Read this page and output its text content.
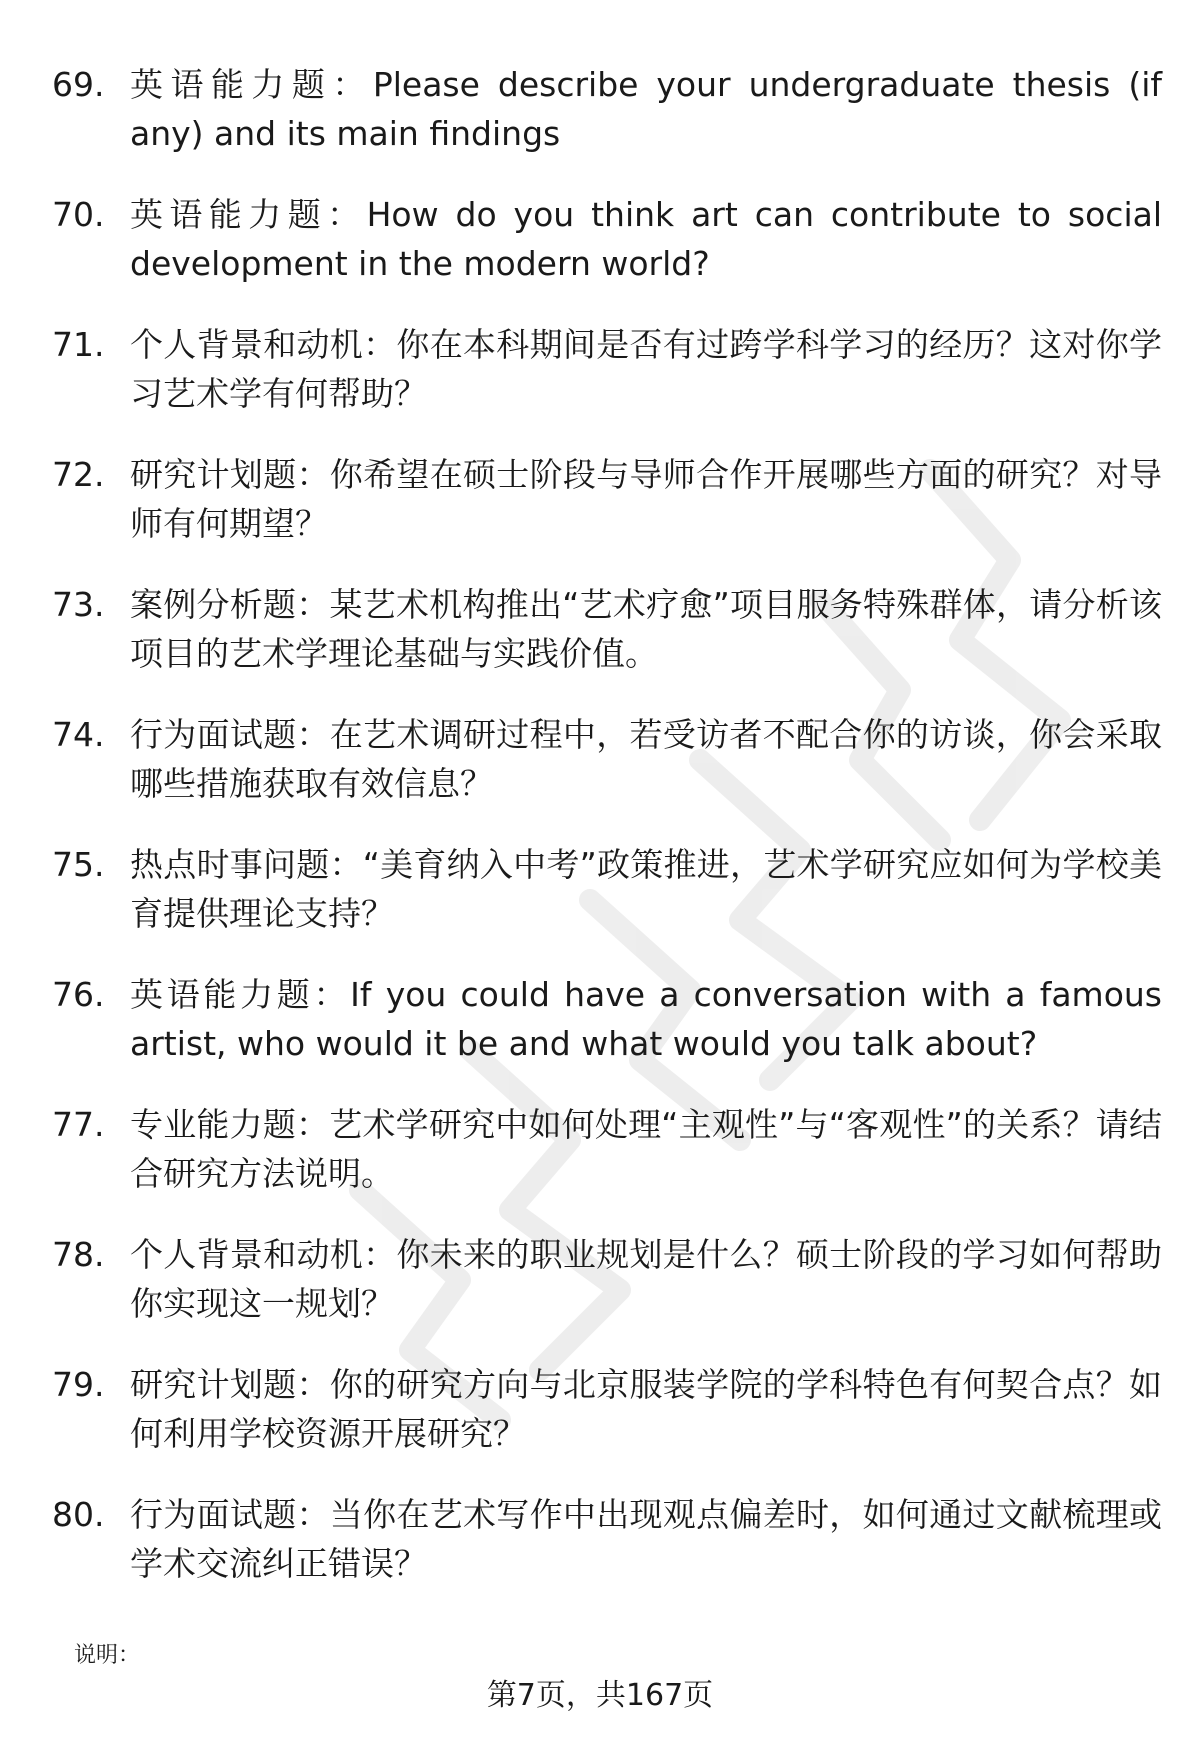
69. 英语能力题：Please describe your undergraduate thesis (if any) and its main findings
70. 英语能力题：How do you think art can contribute to social development in the modern world?
71. 个人背景和动机：你在本科期间是否有过跨学科学习的经历？这对你学习艺术学有何帮助？
72. 研究计划题：你希望在硕士阶段与导师合作开展哪些方面的研究？对导师有何期望？
73. 案例分析题：某艺术机构推出“艺术疗愈”项目服务特殊群体，请分析该项目的艺术学理论基础与实践价值。
74. 行为面试题：在艺术调研过程中，若受访者不配合你的访谈，你会采取哪些措施获取有效信息？
75. 热点时事问题：“美育纳入中考”政策推进，艺术学研究应如何为学校美育提供理论支持？
76. 英语能力题：If you could have a conversation with a famous artist, who would it be and what would you talk about?
77. 专业能力题：艺术学研究中如何处理“主观性”与“客观性”的关系？请结合研究方法说明。
78. 个人背景和动机：你未来的职业规划是什么？硕士阶段的学习如何帮助你实现这一规划？
79. 研究计划题：你的研究方向与北京服装学院的学科特色有何契合点？如何利用学校资源开展研究？
80. 行为面试题：当你在艺术写作中出现观点偏差时，如何通过文献梳理或学术交流纠正错误？
说明：
第7页，共167页
